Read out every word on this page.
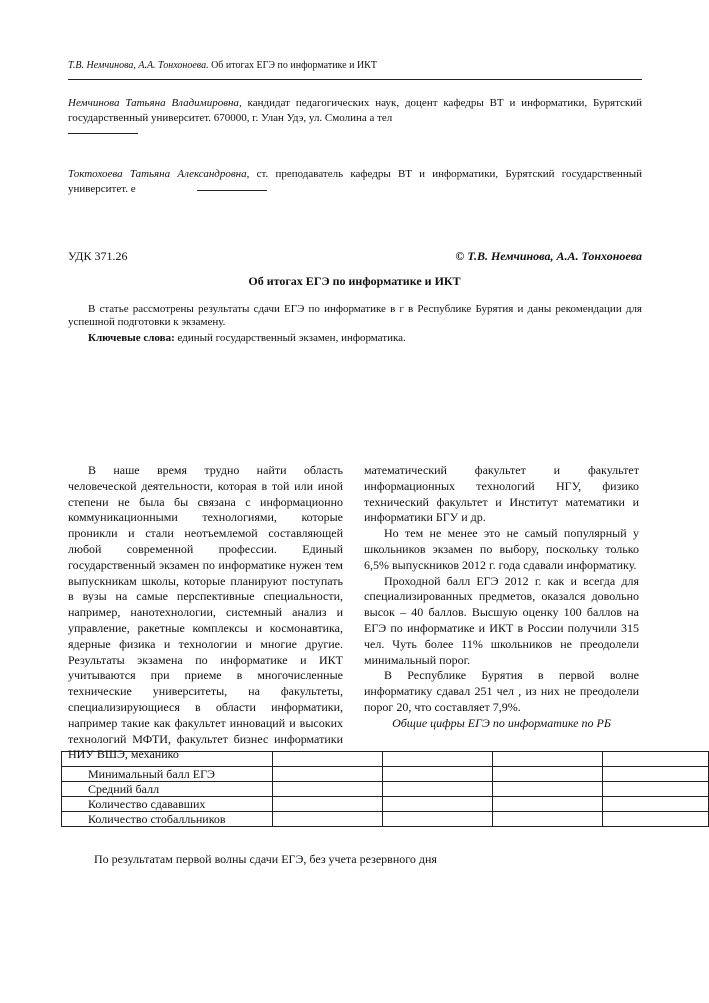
Т.В. Немчинова, А.А. Тонхоноева. Об итогах ЕГЭ по информатике и ИКТ
Немчинова Татьяна Владимировна, кандидат педагогических наук, доцент кафедры ВТ и информатики, Бурятский государственный университет. 670000, г. Улан Удэ, ул. Смолина а тел
Токтохоева Татьяна Александровна, ст. преподаватель кафедры ВТ и информатики, Бурятский государственный университет. е
УДК 371.26	© Т.В. Немчинова, А.А. Тонхоноева
Об итогах ЕГЭ по информатике и ИКТ
В статье рассмотрены результаты сдачи ЕГЭ по информатике в г в Республике Бурятия и даны рекомендации для успешной подготовки к экзамену.
Ключевые слова: единый государственный экзамен, информатика.

В наше время трудно найти область человеческой деятельности, которая в той или иной степени не была бы связана с информационно коммуникационными технологиями, которые проникли и стали неотъемлемой составляющей любой современной профессии. Единый государственный экзамен по информатике нужен тем выпускникам школы, которые планируют поступать в вузы на самые перспективные специальности, например, нанотехнологии, системный анализ и управление, ракетные комплексы и космонавтика, ядерные физика и технологии и многие другие. Результаты экзамена по информатике и ИКТ учитываются при приеме в многочисленные технические университеты, на факультеты, специализирующиеся в области информатики, например такие как факультет инноваций и высоких технологий МФТИ, факультет бизнес информатики НИУ ВШЭ, механико

математический факультет и факультет информационных технологий НГУ, физико технический факультет и Институт математики и информатики БГУ и др.

Но тем не менее это не самый популярный у школьников экзамен по выбору, поскольку только 6,5% выпускников 2012 г. года сдавали информатику.

Проходной балл ЕГЭ 2012 г. как и всегда для специализированных предметов, оказался довольно высок – 40 баллов. Высшую оценку 100 баллов на ЕГЭ по информатике и ИКТ в России получили 315 чел. Чуть более 11% школьников не преодолели минимальный порог.

В Республике Бурятия в первой волне информатику сдавал 251 чел , из них не преодолели порог 20, что составляет 7,9%.

Общие цифры ЕГЭ по информатике по РБ

Минимальный балл ЕГЭ				
Средний балл				
Количество сдававших				
Количество стобалльников				
По результатам первой волны сдачи ЕГЭ, без учета резервного дня
